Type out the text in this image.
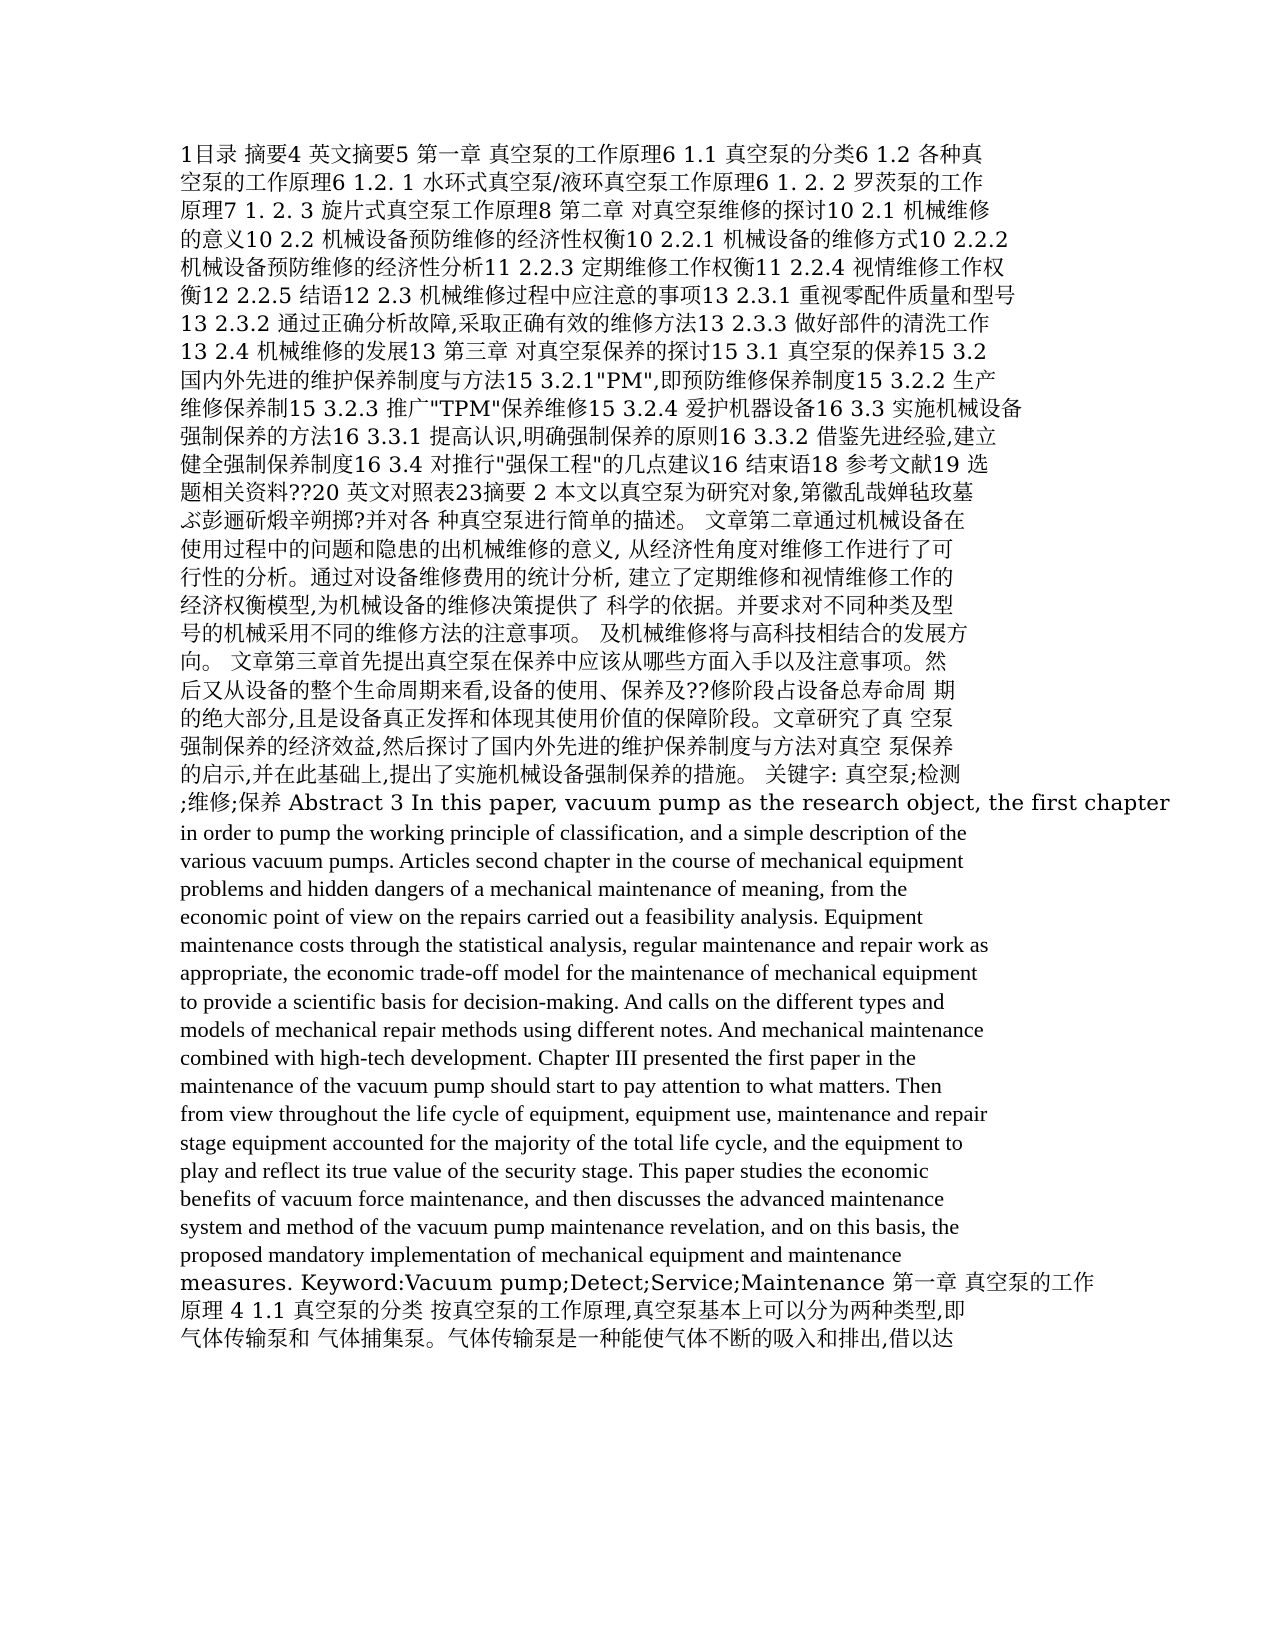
1目录 摘要4 英文摘要5 第一章 真空泵的工作原理6 1.1 真空泵的分类6 1.2 各种真
空泵的工作原理6 1.2. 1 水环式真空泵/液环真空泵工作原理6 1. 2. 2 罗茨泵的工作
原理7 1. 2. 3 旋片式真空泵工作原理8 第二章 对真空泵维修的探讨10 2.1 机械维修
的意义10 2.2 机械设备预防维修的经济性权衡10 2.2.1 机械设备的维修方式10 2.2.2
机械设备预防维修的经济性分析11 2.2.3 定期维修工作权衡11 2.2.4 视情维修工作权
衡12 2.2.5 结语12 2.3 机械维修过程中应注意的事项13 2.3.1 重视零配件质量和型号
13 2.3.2 通过正确分析故障,采取正确有效的维修方法13 2.3.3 做好部件的清洗工作
13 2.4 机械维修的发展13 第三章 对真空泵保养的探讨15 3.1 真空泵的保养15 3.2
国内外先进的维护保养制度与方法15 3.2.1"PM",即预防维修保养制度15 3.2.2 生产
维修保养制15 3.2.3 推广"TPM"保养维修15 3.2.4 爱护机器设备16 3.3 实施机械设备
强制保养的方法16 3.3.1 提高认识,明确强制保养的原则16 3.3.2 借鉴先进经验,建立
健全强制保养制度16 3.4 对推行"强保工程"的几点建议16 结束语18 参考文献19 选
题相关资料??20 英文对照表23摘要 2 本文以真空泵为研究对象,第徽乱哉婵毡玫墓
ぶ彭逦斫煅辛朔掷?并对各 种真空泵进行简单的描述。 文章第二章通过机械设备在
使用过程中的问题和隐患的出机械维修的意义, 从经济性角度对维修工作进行了可
行性的分析。通过对设备维修费用的统计分析, 建立了定期维修和视情维修工作的
经济权衡模型,为机械设备的维修决策提供了 科学的依据。并要求对不同种类及型
号的机械采用不同的维修方法的注意事项。 及机械维修将与高科技相结合的发展方
向。 文章第三章首先提出真空泵在保养中应该从哪些方面入手以及注意事项。然
后又从设备的整个生命周期来看,设备的使用、保养及??修阶段占设备总寿命周 期
的绝大部分,且是设备真正发挥和体现其使用价值的保障阶段。文章研究了真 空泵
强制保养的经济效益,然后探讨了国内外先进的维护保养制度与方法对真空 泵保养
的启示,并在此基础上,提出了实施机械设备强制保养的措施。 关键字: 真空泵;检测
;维修;保养 Abstract 3 In this paper, vacuum pump as the research object, the first chapter
in order to pump the working principle of classification, and a simple description of the
various vacuum pumps. Articles second chapter in the course of mechanical equipment
problems and hidden dangers of a mechanical maintenance of meaning, from the
economic point of view on the repairs carried out a feasibility analysis. Equipment
maintenance costs through the statistical analysis, regular maintenance and repair work as
appropriate, the economic trade-off model for the maintenance of mechanical equipment
to provide a scientific basis for decision-making. And calls on the different types and
models of mechanical repair methods using different notes. And mechanical maintenance
combined with high-tech development. Chapter III presented the first paper in the
maintenance of the vacuum pump should start to pay attention to what matters. Then
from view throughout the life cycle of equipment, equipment use, maintenance and repair
stage equipment accounted for the majority of the total life cycle, and the equipment to
play and reflect its true value of the security stage. This paper studies the economic
benefits of vacuum force maintenance, and then discusses the advanced maintenance
system and method of the vacuum pump maintenance revelation, and on this basis, the
proposed mandatory implementation of mechanical equipment and maintenance
measures. Keyword:Vacuum pump;Detect;Service;Maintenance 第一章 真空泵的工作
原理 4 1.1 真空泵的分类 按真空泵的工作原理,真空泵基本上可以分为两种类型,即
气体传输泵和 气体捕集泵。气体传输泵是一种能使气体不断的吸入和排出,借以达
